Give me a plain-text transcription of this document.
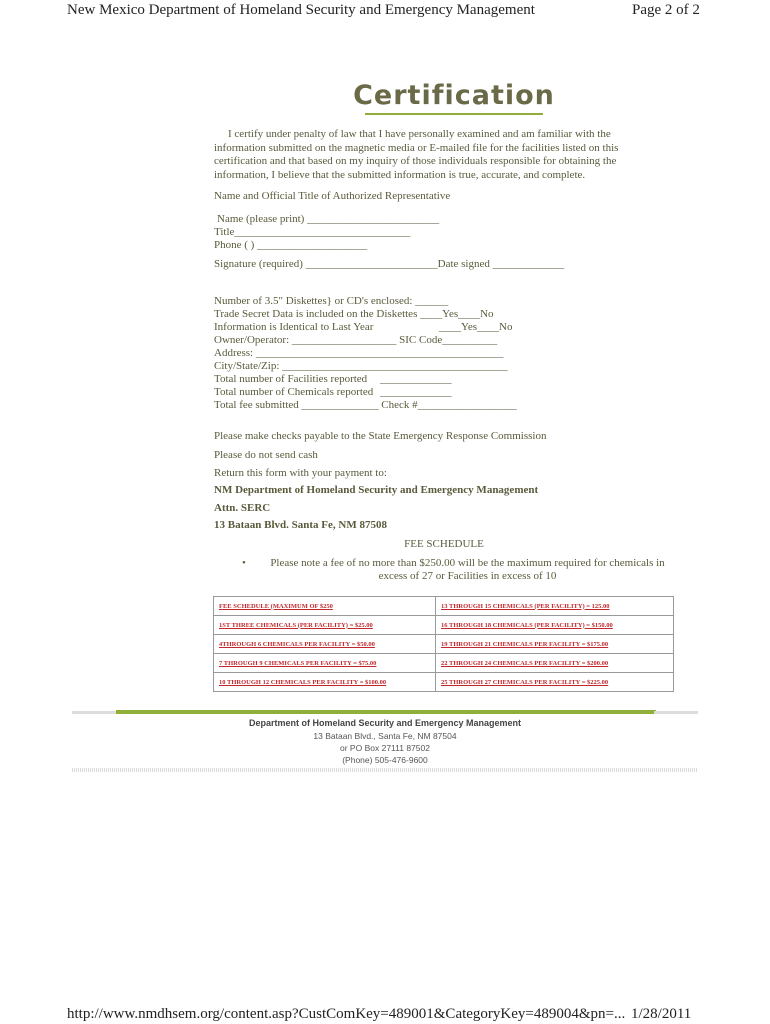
New Mexico Department of Homeland Security and Emergency Management	Page 2 of 2
Certification
I certify under penalty of law that I have personally examined and am familiar with the information submitted on the magnetic media or E-mailed file for the facilities listed on this certification and that based on my inquiry of those individuals responsible for obtaining the information, I believe that the submitted information is true, accurate, and complete.
Name and Official Title of Authorized Representative
Name (please print) ________________________
Title________________________________
Phone ( ) ____________________
Signature (required) ________________________Date signed _____________
Number of 3.5" Diskettes} or CD's enclosed: ______
Trade Secret Data is included on the Diskettes ____Yes____No
Information is Identical to Last Year	____Yes____No
Owner/Operator: ___________________ SIC Code__________
Address: _____________________________________________
City/State/Zip: _________________________________________
Total number of Facilities reported _____________
Total number of Chemicals reported _____________
Total fee submitted ______________ Check #__________________
Please make checks payable to the State Emergency Response Commission
Please do not send cash
Return this form with your payment to:
NM Department of Homeland Security and Emergency Management
Attn. SERC
13 Bataan Blvd. Santa Fe, NM 87508
FEE SCHEDULE
•	Please note a fee of no more than $250.00 will be the maximum required for chemicals in excess of 27 or Facilities in excess of 10
FEE SCHEDULE (MAXIMUM OF $250	13 THROUGH 15 CHEMICALS (PER FACILITY) = 125.00
1ST THREE CHEMICALS (PER FACILITY) = $25.00	16 THROUGH 18 CHEMICALS (PER FACILITY) = $150.00
4THROUGH 6 CHEMICALS PER FACILITY = $50.00	19 THROUGH 21 CHEMICALS PER FACILITY = $175.00
7 THROUGH 9 CHEMICALS PER FACILITY = $75.00	22 THROUGH 24 CHEMICALS PER FACILITY = $200.00
10 THROUGH 12 CHEMICALS PER FACILITY = $100.00	25 THROUGH 27 CHEMICALS PER FACILITY = $225.00
Department of Homeland Security and Emergency Management
13 Bataan Blvd., Santa Fe, NM 87504
or PO Box 27111 87502
(Phone) 505-476-9600
http://www.nmdhsem.org/content.asp?CustComKey=489001&CategoryKey=489004&pn=... 1/28/2011
